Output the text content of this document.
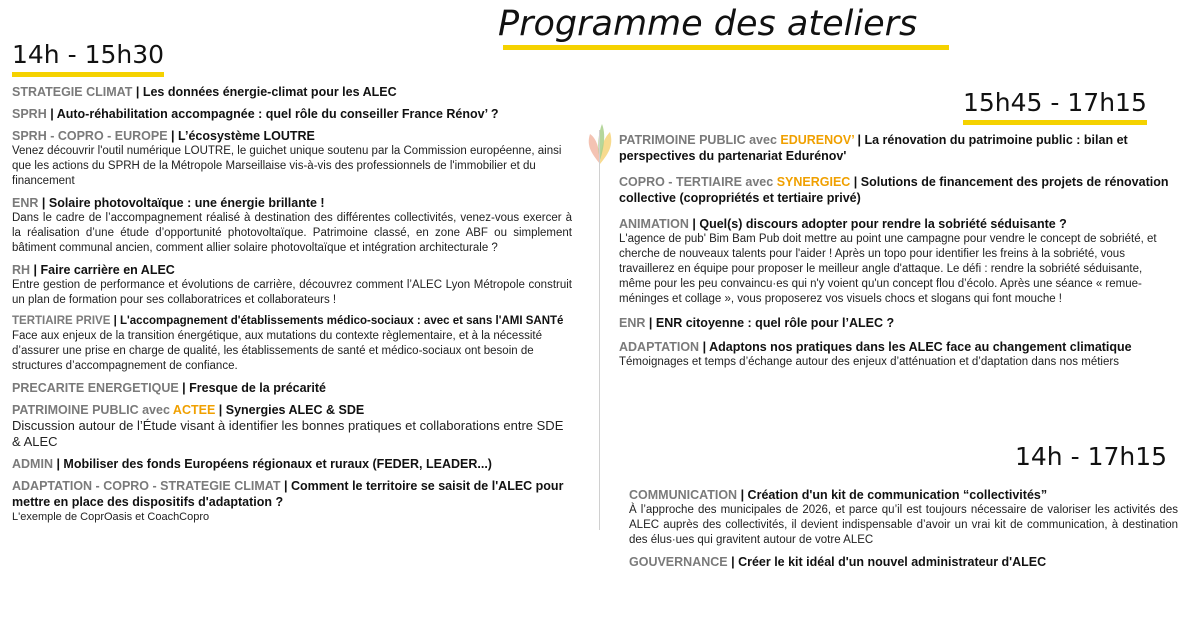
Programme des ateliers
14h - 15h30
15h45 - 17h15
14h - 17h15
STRATEGIE CLIMAT | Les données énergie-climat pour les ALEC
SPRH | Auto-réhabilitation accompagnée : quel rôle du conseiller France Rénov’ ?
SPRH - COPRO - EUROPE | L’écosystème LOUTRE
Venez découvrir l'outil numérique LOUTRE, le guichet unique soutenu par la Commission européenne, ainsi que les actions du SPRH de la Métropole Marseillaise vis-à-vis des professionnels de l'immobilier et du financement
ENR | Solaire photovoltaïque : une énergie brillante !
Dans le cadre de l’accompagnement réalisé à destination des différentes collectivités, venez-vous exercer à la réalisation d’une étude d’opportunité photovoltaïque. Patrimoine classé, en zone ABF ou simplement bâtiment communal ancien, comment allier solaire photovoltaïque et intégration architecturale ?
RH | Faire carrière en ALEC
Entre gestion de performance et évolutions de carrière, découvrez comment l’ALEC Lyon Métropole construit un plan de formation pour ses collaboratrices et collaborateurs !
TERTIAIRE PRIVE | L'accompagnement d'établissements médico-sociaux : avec et sans l'AMI SANTé
Face aux enjeux de la transition énergétique, aux mutations du contexte règlementaire, et à la nécessité d’assurer une prise en charge de qualité, les établissements de santé et médico-sociaux ont besoin de structures d’accompagnement de confiance.
PRECARITE ENERGETIQUE | Fresque de la précarité
PATRIMOINE PUBLIC avec ACTEE | Synergies ALEC & SDE
Discussion autour de l’Étude visant à identifier les bonnes pratiques et collaborations entre SDE & ALEC
ADMIN | Mobiliser des fonds Européens régionaux et ruraux (FEDER, LEADER...)
ADAPTATION - COPRO - STRATEGIE CLIMAT | Comment le territoire se saisit de l'ALEC pour mettre en place des dispositifs d'adaptation ?
L'exemple de CoprOasis et CoachCopro
PATRIMOINE PUBLIC avec EDURENOV’ | La rénovation du patrimoine public : bilan et perspectives du partenariat Edurénov'
COPRO - TERTIAIRE avec SYNERGIEC | Solutions de financement des projets de rénovation collective (copropriétés et tertiaire privé)
ANIMATION | Quel(s) discours adopter pour rendre la sobriété séduisante ?
L'agence de pub' Bim Bam Pub doit mettre au point une campagne pour vendre le concept de sobriété, et cherche de nouveaux talents pour l'aider ! Après un topo pour identifier les freins à la sobriété, vous travaillerez en équipe pour proposer le meilleur angle d'attaque. Le défi : rendre la sobriété séduisante, même pour les peu convaincu·es qui n'y voient qu'un concept flou d’écolo. Après une séance « remue-méninges et collage », vous proposerez vos visuels chocs et slogans qui font mouche !
ENR | ENR citoyenne : quel rôle pour l’ALEC ?
ADAPTATION | Adaptons nos pratiques dans les ALEC face au changement climatique
Témoignages et temps d’échange autour des enjeux d’atténuation et d’daptation dans nos métiers
COMMUNICATION | Création d'un kit de communication “collectivités”
À l’approche des municipales de 2026, et parce qu’il est toujours nécessaire de valoriser les activités des ALEC auprès des collectivités, il devient indispensable d’avoir un vrai kit de communication, à destination des élus·ues qui gravitent autour de votre ALEC
GOUVERNANCE | Créer le kit idéal d'un nouvel administrateur d'ALEC
